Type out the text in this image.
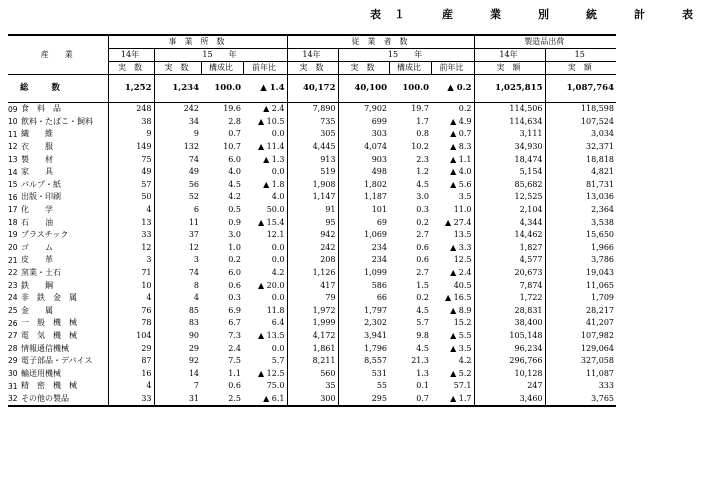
表１　産　業　別　統　計　表
産　　業	事　業　所　数				従　業　者　数				製造品出荷	
	14年	15　　年			14年	15　　年			14年	15
	実　数	実　数	構成比	前年比	実　数	実　数	構成比	前年比	実　額	実　額
総　　数	1,252	1,234	100.0	▲ 1.4	40,172	40,100	100.0	▲ 0.2	1,025,815	1,087,764

09 食　料　品	248	242	19.6	▲ 2.4	7,890	7,902	19.7	0.2	114,506	118,598

10 飲料・たばこ・飼料	38	34	2.8	▲ 10.5	735	699	1.7	▲ 4.9	114,634	107,524

11 繊　　維	9	9	0.7	0.0	305	303	0.8	▲ 0.7	3,111	3,034

12 衣　　服	149	132	10.7	▲ 11.4	4,445	4,074	10.2	▲ 8.3	34,930	32,371

13 製　　材	75	74	6.0	▲ 1.3	913	903	2.3	▲ 1.1	18,474	18,818

14 家　　具	49	49	4.0	0.0	519	498	1.2	▲ 4.0	5,154	4,821

15 パルプ・紙	57	56	4.5	▲ 1.8	1,908	1,802	4.5	▲ 5.6	85,682	81,731

16 出版・印刷	50	52	4.2	4.0	1,147	1,187	3.0	3.5	12,525	13,036

17 化　　学	4	6	0.5	50.0	91	101	0.3	11.0	2,104	2,364

18 石　　油	13	11	0.9	▲ 15.4	95	69	0.2	▲ 27.4	4,344	3,538

19 プラスチック	33	37	3.0	12.1	942	1,069	2.7	13.5	14,462	15,650

20 ゴ　　ム	12	12	1.0	0.0	242	234	0.6	▲ 3.3	1,827	1,966

21 皮　　革	3	3	0.2	0.0	208	234	0.6	12.5	4,577	3,786

22 窯業・土石	71	74	6.0	4.2	1,126	1,099	2.7	▲ 2.4	20,673	19,043

23 鉄　　鋼	10	8	0.6	▲ 20.0	417	586	1.5	40.5	7,874	11,065

24 非　鉄　金　属	4	4	0.3	0.0	79	66	0.2	▲ 16.5	1,722	1,709

25 金　　属	76	85	6.9	11.8	1,972	1,797	4.5	▲ 8.9	28,831	28,217

26 一　般　機　械	78	83	6.7	6.4	1,999	2,302	5.7	15.2	38,400	41,207

27 電　気　機　械	104	90	7.3	▲ 13.5	4,172	3,941	9.8	▲ 5.5	105,148	107,982

28 情報通信機械	29	29	2.4	0.0	1,861	1,796	4.5	▲ 3.5	96,234	129,064

29 電子部品・デバイス	87	92	7.5	5.7	8,211	8,557	21.3	4.2	296,766	327,058

30 輸送用機械	16	14	1.1	▲ 12.5	560	531	1.3	▲ 5.2	10,128	11,087

31 精　密　機　械	4	7	0.6	75.0	35	55	0.1	57.1	247	333

32 その他の製品	33	31	2.5	▲ 6.1	300	295	0.7	▲ 1.7	3,460	3,765
